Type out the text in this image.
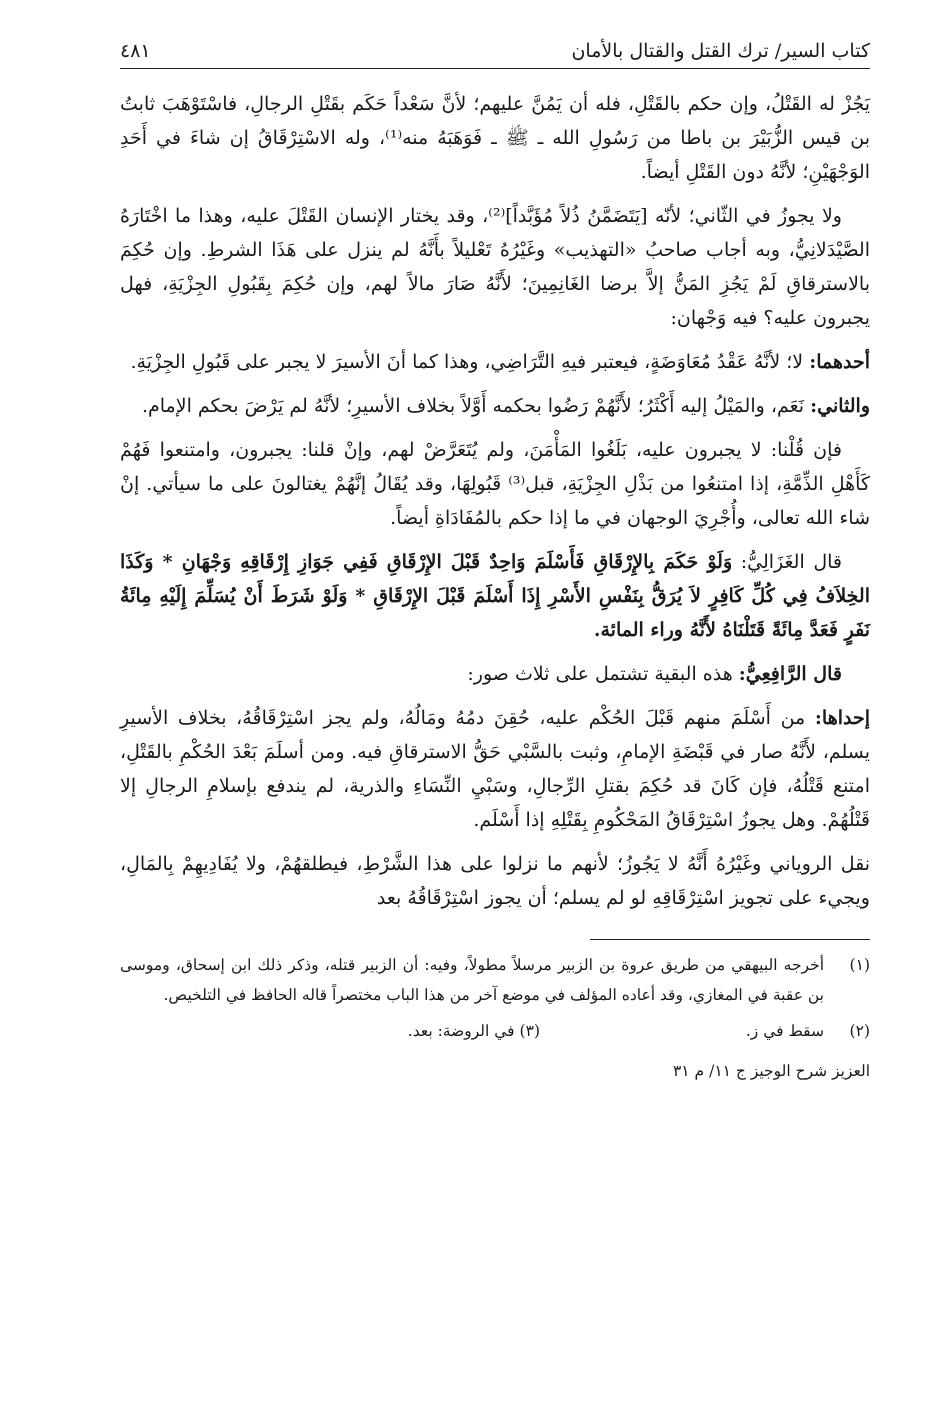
كتاب السير/ ترك القتل والقتال بالأمان
٤٨١

يَجُزْ له القَتْلُ، وإن حكم بالقَتْلِ، فله أن يَمُنَّ عليهم؛ لأنَّ سَعْداً حَكَم بقَتْلِ الرجالِ، فاسْتَوْهَبَ ثابتُ بن قيس الزُّبَيْرَ بن باطا من رَسُولِ الله ـ ﷺ ـ فَوَهَبَهُ منه⁽¹⁾، وله الاسْتِرْقَاقُ إن شاءَ في أَحَدِ الوَجْهَيْنِ؛ لأنَّهُ دون القَتْلِ أيضاً.

ولا يجوزُ في الثّاني؛ لأنّه [يَتَضَمَّنُ ذُلاً مُؤَبَّداً]⁽²⁾، وقد يختار الإنسان القَتْلَ عليه، وهذا ما اخْتَارَهُ الصَّيْدَلانِيُّ، وبه أجاب صاحبُ «التهذيب» وغَيْرُهُ تَعْليلاً بأَنَّهُ لم ينزل على هَذَا الشرطِ. وإن حُكِمَ بالاسترقاقِ لَمْ يَجُزِ المَنُّ إلاَّ برضا الغَانِمِينَ؛ لأَنَّهُ صَارَ مالاً لهم، وإن حُكِمَ بِقَبُولِ الجِزْيَةِ، فهل يجبرون عليه؟ فيه وَجْهان:

أحدهما: لا؛ لأنَّهُ عَقْدُ مُعَاوَضَةٍ، فيعتبر فيهِ التَّرَاضِي، وهذا كما أنَ الأسيرَ لا يجبر على قَبُولِ الجِزْيَةِ.

والثاني: نَعَم، والمَيْلُ إليه أَكْثَرُ؛ لأَنَّهُمْ رَضُوا بحكمه أَوَّلاً بخلاف الأسيرِ؛ لأنَّهُ لم يَرْضَ بحكم الإمام.

فإن قُلْنا: لا يجبرون عليه، بَلَغُوا المَأْمَنَ، ولم يُتَعَرَّضْ لهم، وإنْ قلنا: يجبرون، وامتنعوا فَهُمْ كَأَهْلِ الذِّمَّةِ، إذا امتنعُوا من بَذْلِ الجِزْيَةِ، قبل⁽³⁾ قَبُولِهَا، وقد يُقَالُ إنَّهُمْ يغتالونَ على ما سيأتي. إنْ شاء الله تعالى، وأُجْرِيَ الوجهان في ما إذا حكم بالمُفَادَاةِ أيضاً.

قال الغَزَالِيُّ: وَلَوْ حَكَمَ بِالإِرْقَاقِ فَأَسْلَمَ وَاحِدٌ قَبْلَ الإِرْقَاقِ فَفِي جَوَازِ إِرْقَاقِهِ وَجْهَانِ * وَكَذَا الخِلاَفُ فِي كُلِّ كَافِرٍ لاَ يُرَقُّ بِنَفْسِ الأَسْرِ إِذَا أَسْلَمَ قَبْلَ الإِرْقَاقِ * وَلَوْ شَرَطَ أَنْ يُسَلِّمَ إِلَيْهِ مِائَةُ نَفَرٍ فَعَدَّ مِائَةً قَتَلْنَاهُ لأَنَّهُ وراء المائة.

قال الرَّافِعِيُّ: هذه البقية تشتمل على ثلاث صور:

إحداها: من أَسْلَمَ منهم قَبْلَ الحُكْم عليه، حُقِنَ دمُهُ ومَالُهُ، ولم يجز اسْتِرْقَاقُهُ، بخلاف الأسيرِ يسلم، لأَنَّهُ صار في قَبْضَةِ الإمامِ، وثبت بالسَّبْي حَقُّ الاسترقاقِ فيه. ومن أسلَمَ بَعْدَ الحُكْمِ بالقَتْلِ، امتنع قَتْلُهُ، فإن كَانَ قد حُكِمَ بقتلِ الرِّجالِ، وسَبْيِ النِّسَاءِ والذرية، لم يندفع بإسلامِ الرجالِ إلا قَتْلُهُمْ. وهل يجوزُ اسْتِرْقَاقُ المَحْكُومِ بِقَتْلِهِ إذا أَسْلَم.

نقل الروياني وغَيْرُهُ أَنَّهُ لا يَجُوزُ؛ لأنهم ما نزلوا على هذا الشَّرْطِ، فيطلقهُمْ، ولا يُفَادِيهِمْ بِالمَالِ، ويجيء على تجويز اسْتِرْقَاقِهِ لو لم يسلم؛ أن يجوز اسْتِرْقَاقُهُ بعد

(١)أخرجه البيهقي من طريق عروة بن الزبير مرسلاً مطولاً، وفيه: أن الزبير قتله، وذكر ذلك ابن إسحاق، وموسى بن عقبة في المغازي، وقد أعاده المؤلف في موضع آخر من هذا الباب مختصراً قاله الحافظ في التلخيص.

(٢)سقط في ز.
(٣) في الروضة: بعد.
العزيز شرح الوجيز ج ١١/ م ٣١
